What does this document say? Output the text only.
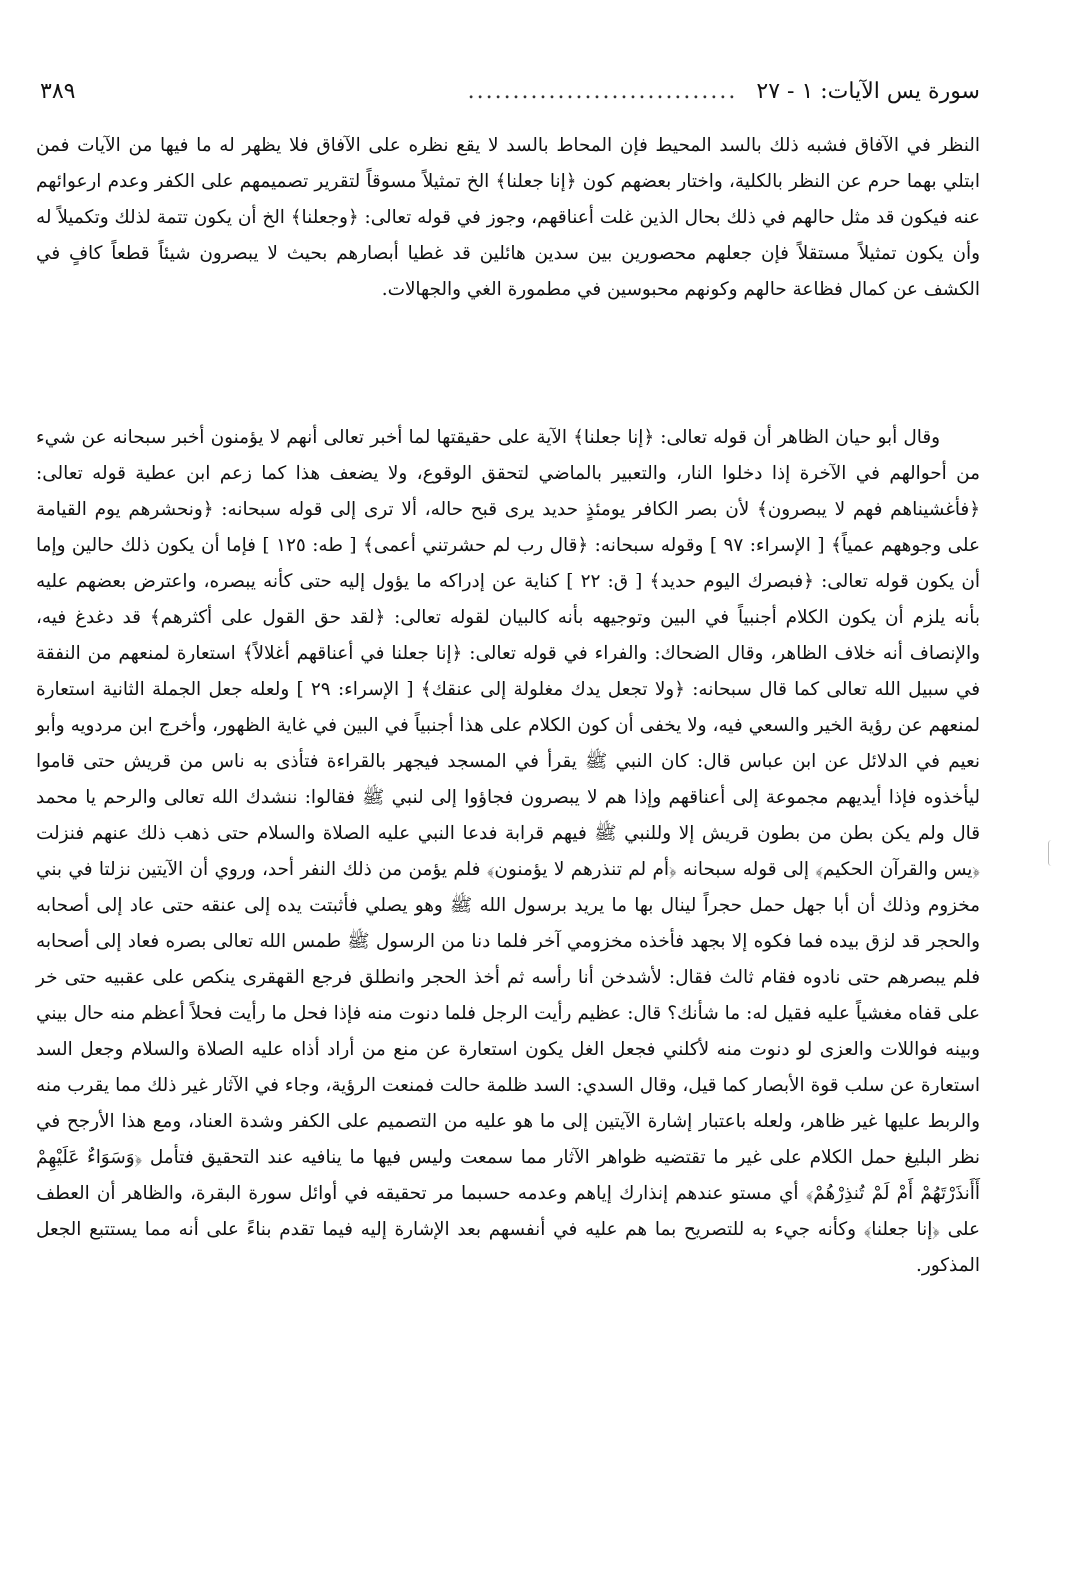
سورة يس الآيات: ١ - ٢٧ ..............................
٣٨٩

النظر في الآفاق فشبه ذلك بالسد المحيط فإن المحاط بالسد لا يقع نظره على الآفاق فلا يظهر له ما فيها من الآيات فمن ابتلي بهما حرم عن النظر بالكلية، واختار بعضهم كون ﴿إنا جعلنا﴾ الخ تمثيلاً مسوقاً لتقرير تصميمهم على الكفر وعدم ارعوائهم عنه فيكون قد مثل حالهم في ذلك بحال الذين غلت أعناقهم، وجوز في قوله تعالى: ﴿وجعلنا﴾ الخ أن يكون تتمة لذلك وتكميلاً له وأن يكون تمثيلاً مستقلاً فإن جعلهم محصورين بين سدين هائلين قد غطيا أبصارهم بحيث لا يبصرون شيئاً قطعاً كافٍ في الكشف عن كمال فظاعة حالهم وكونهم محبوسين في مطمورة الغي والجهالات.

وقال أبو حيان الظاهر أن قوله تعالى: ﴿إنا جعلنا﴾ الآية على حقيقتها لما أخبر تعالى أنهم لا يؤمنون أخبر سبحانه عن شيء من أحوالهم في الآخرة إذا دخلوا النار، والتعبير بالماضي لتحقق الوقوع، ولا يضعف هذا كما زعم ابن عطية قوله تعالى: ﴿فأغشيناهم فهم لا يبصرون﴾ لأن بصر الكافر يومئذٍ حديد يرى قبح حاله، ألا ترى إلى قوله سبحانه: ﴿ونحشرهم يوم القيامة على وجوههم عمياً﴾ [ الإسراء: ٩٧ ] وقوله سبحانه: ﴿قال رب لم حشرتني أعمى﴾ [ طه: ١٢٥ ] فإما أن يكون ذلك حالين وإما أن يكون قوله تعالى: ﴿فبصرك اليوم حديد﴾ [ ق: ٢٢ ] كناية عن إدراكه ما يؤول إليه حتى كأنه يبصره، واعترض بعضهم عليه بأنه يلزم أن يكون الكلام أجنبياً في البين وتوجيهه بأنه كالبيان لقوله تعالى: ﴿لقد حق القول على أكثرهم﴾ قد دغدغ فيه، والإنصاف أنه خلاف الظاهر، وقال الضحاك: والفراء في قوله تعالى: ﴿إنا جعلنا في أعناقهم أغلالاً﴾ استعارة لمنعهم من النفقة في سبيل الله تعالى كما قال سبحانه: ﴿ولا تجعل يدك مغلولة إلى عنقك﴾ [ الإسراء: ٢٩ ] ولعله جعل الجملة الثانية استعارة لمنعهم عن رؤية الخير والسعي فيه، ولا يخفى أن كون الكلام على هذا أجنبياً في البين في غاية الظهور، وأخرج ابن مردويه وأبو نعيم في الدلائل عن ابن عباس قال: كان النبي ﷺ يقرأ في المسجد فيجهر بالقراءة فتأذى به ناس من قريش حتى قاموا ليأخذوه فإذا أيديهم مجموعة إلى أعناقهم وإذا هم لا يبصرون فجاؤوا إلى لنبي ﷺ فقالوا: ننشدك الله تعالى والرحم يا محمد قال ولم يكن بطن من بطون قريش إلا وللنبي ﷺ فيهم قرابة فدعا النبي عليه الصلاة والسلام حتى ذهب ذلك عنهم فنزلت ﴿يس والقرآن الحكيم﴾ إلى قوله سبحانه ﴿أم لم تنذرهم لا يؤمنون﴾ فلم يؤمن من ذلك النفر أحد، وروي أن الآيتين نزلتا في بني مخزوم وذلك أن أبا جهل حمل حجراً لينال بها ما يريد برسول الله ﷺ وهو يصلي فأثبتت يده إلى عنقه حتى عاد إلى أصحابه والحجر قد لزق بيده فما فكوه إلا بجهد فأخذه مخزومي آخر فلما دنا من الرسول ﷺ طمس الله تعالى بصره فعاد إلى أصحابه فلم يبصرهم حتى نادوه فقام ثالث فقال: لأشدخن أنا رأسه ثم أخذ الحجر وانطلق فرجع القهقرى ينكص على عقبيه حتى خر على قفاه مغشياً عليه فقيل له: ما شأنك؟ قال: عظيم رأيت الرجل فلما دنوت منه فإذا فحل ما رأيت فحلاً أعظم منه حال بيني وبينه فواللات والعزى لو دنوت منه لأكلني فجعل الغل يكون استعارة عن منع من أراد أذاه عليه الصلاة والسلام وجعل السد استعارة عن سلب قوة الأبصار كما قيل، وقال السدي: السد ظلمة حالت فمنعت الرؤية، وجاء في الآثار غير ذلك مما يقرب منه والربط عليها غير ظاهر، ولعله باعتبار إشارة الآيتين إلى ما هو عليه من التصميم على الكفر وشدة العناد، ومع هذا الأرجح في نظر البليغ حمل الكلام على غير ما تقتضيه ظواهر الآثار مما سمعت وليس فيها ما ينافيه عند التحقيق فتأمل ﴿وَسَوَاءٌ عَلَيْهِمْ أَأَنذَرْتَهُمْ أَمْ لَمْ تُنذِرْهُمْ﴾ أي مستو عندهم إنذارك إياهم وعدمه حسبما مر تحقيقه في أوائل سورة البقرة، والظاهر أن العطف على ﴿إنا جعلنا﴾ وكأنه جيء به للتصريح بما هم عليه في أنفسهم بعد الإشارة إليه فيما تقدم بناءً على أنه مما يستتبع الجعل المذكور.
